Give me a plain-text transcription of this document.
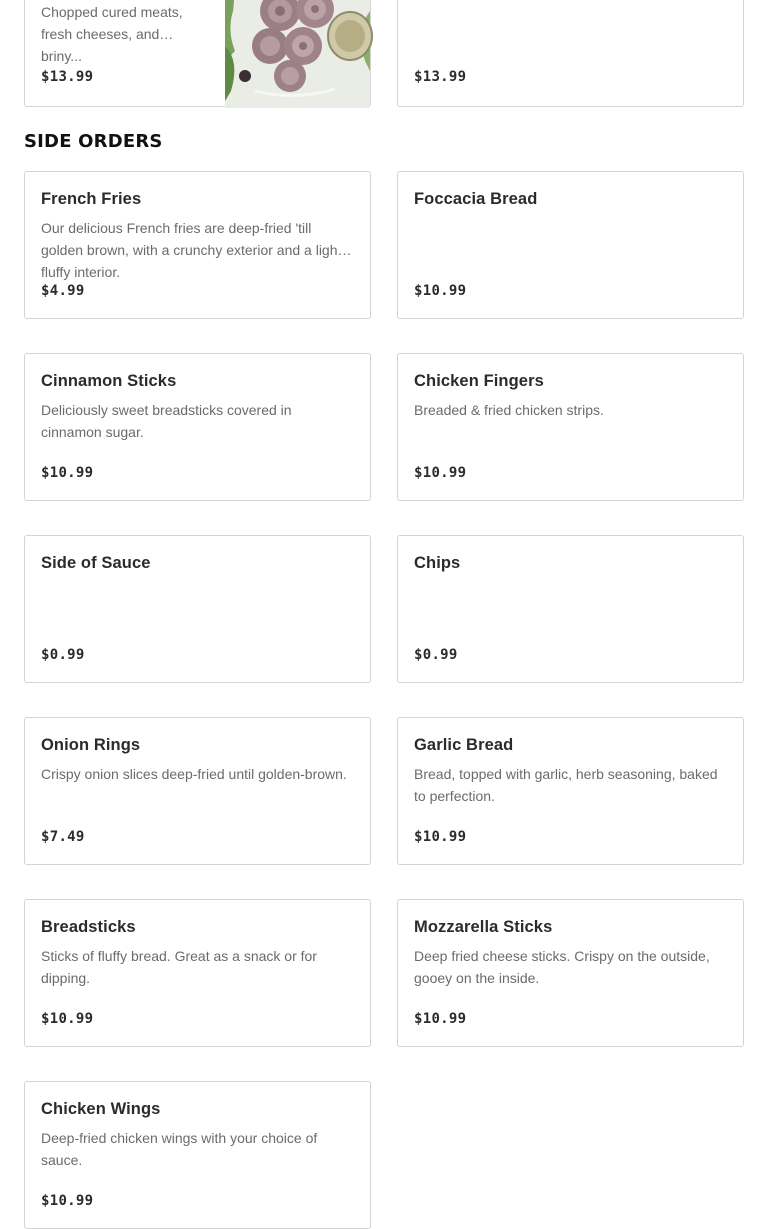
Chopped cured meats, fresh cheeses, and briny...
$13.99	$13.99
SIDE ORDERS
French Fries
Our delicious French fries are deep-fried 'till golden brown, with a crunchy exterior and a light fluffy interior.
$4.99
Foccacia Bread
$10.99
Cinnamon Sticks
Deliciously sweet breadsticks covered in cinnamon sugar.
$10.99
Chicken Fingers
Breaded & fried chicken strips.
$10.99
Side of Sauce
$0.99
Chips
$0.99
Onion Rings
Crispy onion slices deep-fried until golden-brown.
$7.49
Garlic Bread
Bread, topped with garlic, herb seasoning, baked to perfection.
$10.99
Breadsticks
Sticks of fluffy bread. Great as a snack or for dipping.
$10.99
Mozzarella Sticks
Deep fried cheese sticks. Crispy on the outside, gooey on the inside.
$10.99
Chicken Wings
Deep-fried chicken wings with your choice of sauce.
$10.99
